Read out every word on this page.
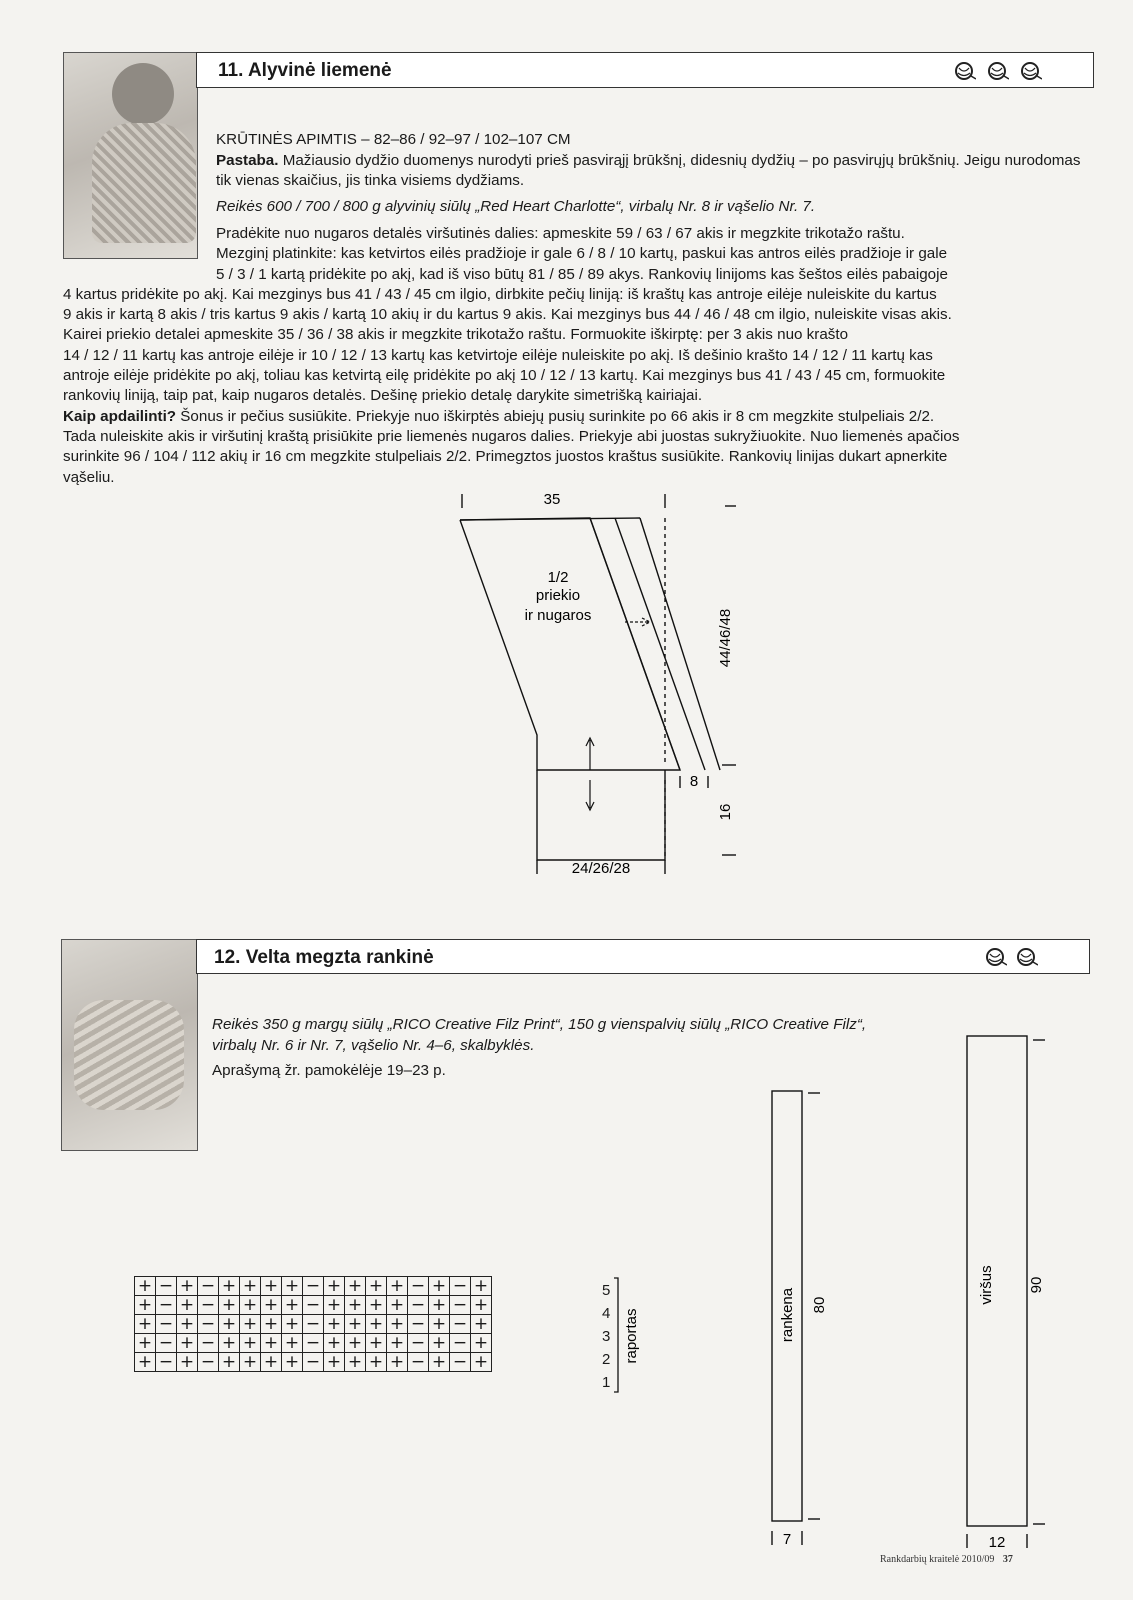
11. Alyvinė liemenė
KRŪTINĖS APIMTIS – 82–86 / 92–97 / 102–107 CM
Pastaba. Mažiausio dydžio duomenys nurodyti prieš pasvirąjį brūkšnį, didesnių dydžių – po pasvirųjų brūkšnių. Jeigu nurodomas tik vienas skaičius, jis tinka visiems dydžiams.
Reikės 600 / 700 / 800 g alyvinių siūlų „Red Heart Charlotte“, virbalų Nr. 8 ir vąšelio Nr. 7.

Pradėkite nuo nugaros detalės viršutinės dalies: apmeskite 59 / 63 / 67 akis ir megzkite trikotažo raštu.

Mezginį platinkite: kas ketvirtos eilės pradžioje ir gale 6 / 8 / 10 kartų, paskui kas antros eilės pradžioje ir gale

5 / 3 / 1 kartą pridėkite po akį, kad iš viso būtų 81 / 85 / 89 akys. Rankovių linijoms kas šeštos eilės pabaigoje

4 kartus pridėkite po akį. Kai mezginys bus 41 / 43 / 45 cm ilgio, dirbkite pečių liniją: iš kraštų kas antroje eilėje nuleiskite du kartus

9 akis ir kartą 8 akis / tris kartus 9 akis / kartą 10 akių ir du kartus 9 akis. Kai mezginys bus 44 / 46 / 48 cm ilgio, nuleiskite visas akis.

Kairei priekio detalei apmeskite 35 / 36 / 38 akis ir megzkite trikotažo raštu. Formuokite iškirptę: per 3 akis nuo krašto

14 / 12 / 11 kartų kas antroje eilėje ir 10 / 12 / 13 kartų kas ketvirtoje eilėje nuleiskite po akį. Iš dešinio krašto 14 / 12 / 11 kartų kas

antroje eilėje pridėkite po akį, toliau kas ketvirtą eilę pridėkite po akį 10 / 12 / 13 kartų. Kai mezginys bus 41 / 43 / 45 cm, formuokite

rankovių liniją, taip pat, kaip nugaros detalės. Dešinę priekio detalę darykite simetrišką kairiajai.

Kaip apdailinti? Šonus ir pečius susiūkite. Priekyje nuo iškirptės abiejų pusių surinkite po 66 akis ir 8 cm megzkite stulpeliais 2/2.

Tada nuleiskite akis ir viršutinį kraštą prisiūkite prie liemenės nugaros dalies. Priekyje abi juostas sukryžiuokite. Nuo liemenės apačios

surinkite 96 / 104 / 112 akių ir 16 cm megzkite stulpeliais 2/2. Primegztos juostos kraštus susiūkite. Rankovių linijas dukart apnerkite

vąšeliu.

35
1/2
priekio
ir nugaros	44/46/48
8
16
24/26/28
12. Velta megzta rankinė
Reikės 350 g margų siūlų „RICO Creative Filz Print“, 150 g vienspalvių siūlų „RICO Creative Filz“,
virbalų Nr. 6 ir Nr. 7, vąšelio Nr. 4–6, skalbyklės.
Aprašymą žr. pamokėlėje 19–23 p.
+	−	+	−	+	+	+	+	−	+	+	+	+	−	+	−	+
+	−	+	−	+	+	+	+	−	+	+	+	+	−	+	−	+
+	−	+	−	+	+	+	+	−	+	+	+	+	−	+	−	+
+	−	+	−	+	+	+	+	−	+	+	+	+	−	+	−	+
+	−	+	−	+	+	+	+	−	+	+	+	+	−	+	−	+
5
4
3
2
1
raportas	rankena 80
7
viršus 90
12
Rankdarbių kraitelė 2010/09 37
